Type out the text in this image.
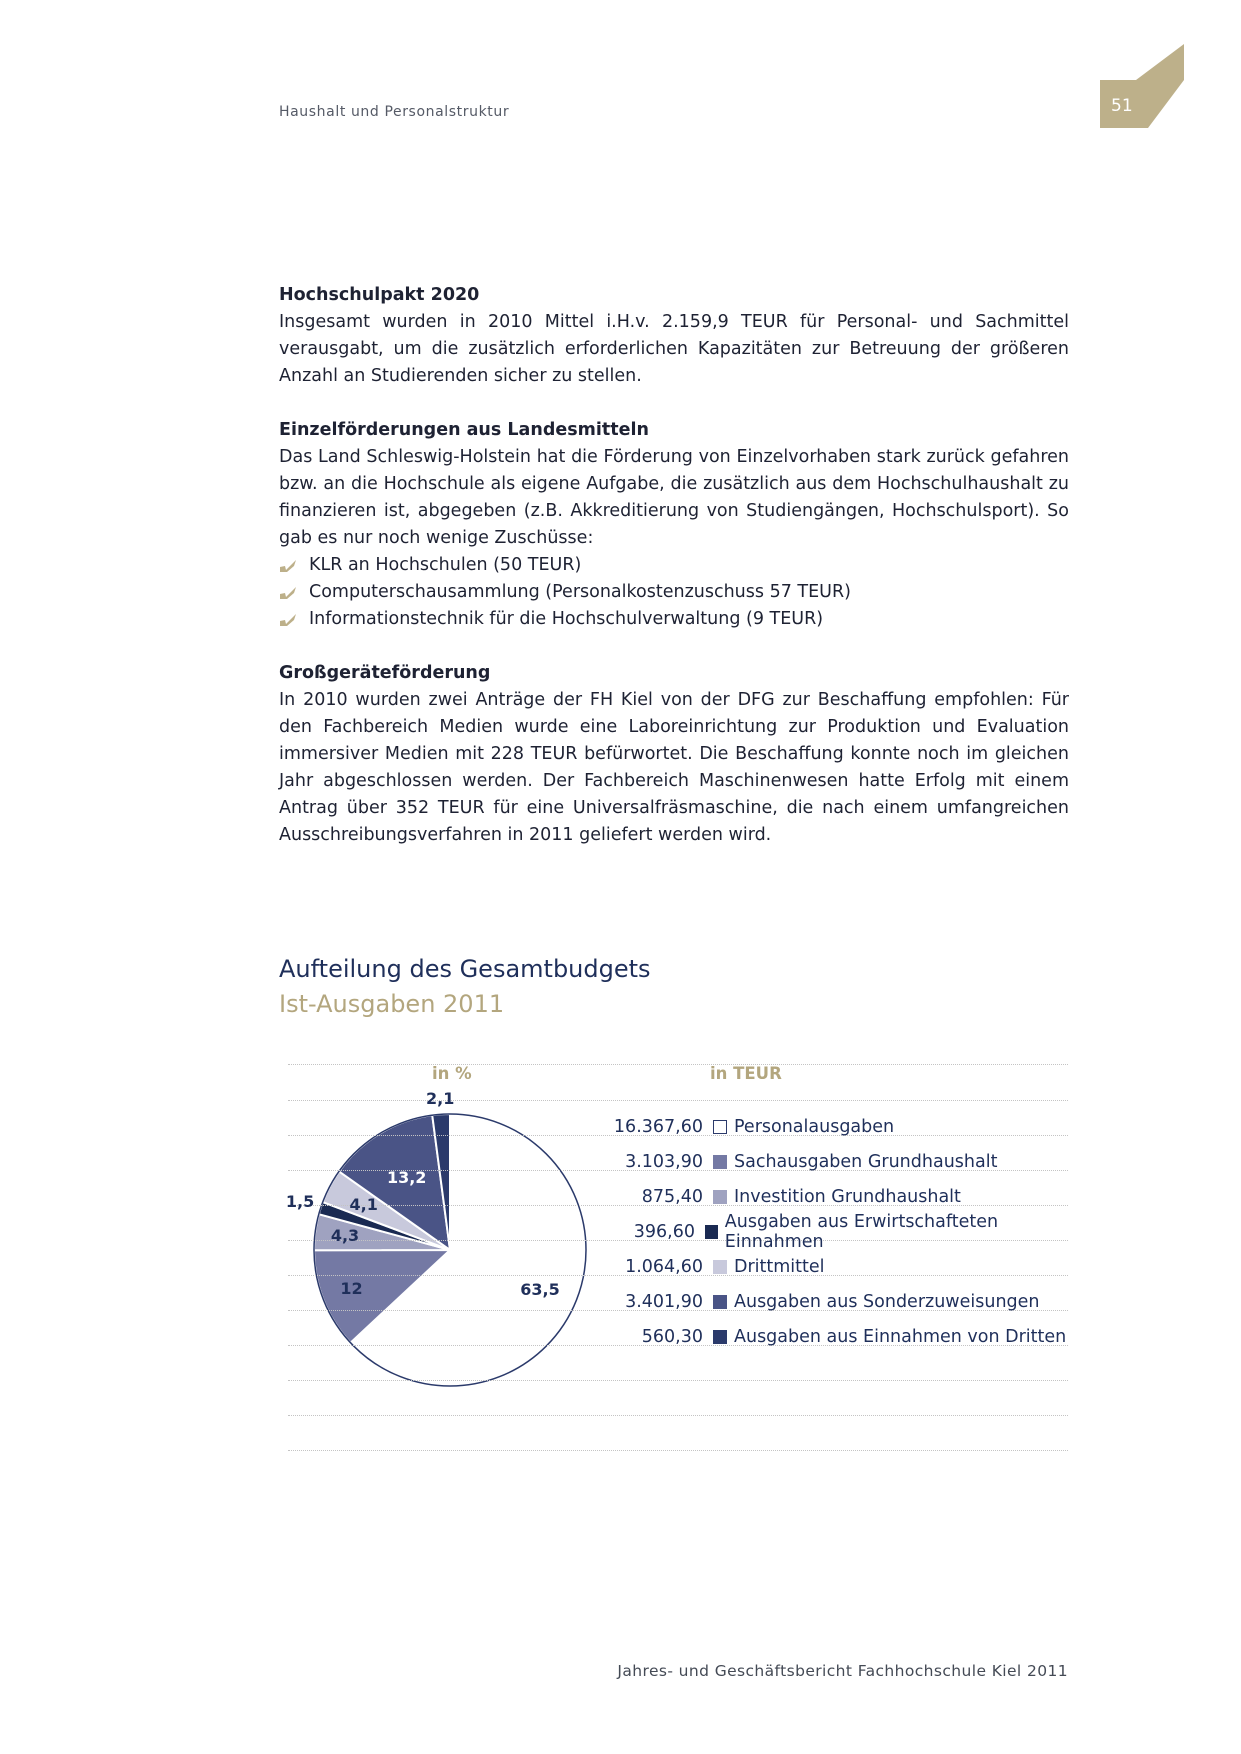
Haushalt und Personalstruktur	51
Hochschulpakt 2020
Insgesamt wurden in 2010 Mittel i.H.v. 2.159,9 TEUR für Personal- und Sachmittel verausgabt, um die zusätzlich erforderlichen Kapazitäten zur Betreuung der größeren Anzahl an Studierenden sicher zu stellen.
Einzelförderungen aus Landesmitteln
Das Land Schleswig-Holstein hat die Förderung von Einzelvorhaben stark zurück gefahren bzw. an die Hochschule als eigene Aufgabe, die zusätzlich aus dem Hochschulhaushalt zu finanzieren ist, abgegeben (z.B. Akkreditierung von Studiengängen, Hochschulsport). So gab es nur noch wenige Zuschüsse:
KLR an Hochschulen (50 TEUR)
Computerschausammlung (Personalkostenzuschuss 57 TEUR)
Informationstechnik für die Hochschulverwaltung (9 TEUR)
Großgeräteförderung
In 2010 wurden zwei Anträge der FH Kiel von der DFG zur Beschaffung empfohlen: Für den Fachbereich Medien wurde eine Laboreinrichtung zur Produktion und Evaluation immersiver Medien mit 228 TEUR befürwortet. Die Beschaffung konnte noch im gleichen Jahr abgeschlossen werden. Der Fachbereich Maschinenwesen hatte Erfolg mit einem Antrag über 352 TEUR für eine Universalfräsmaschine, die nach einem umfangreichen Ausschreibungsverfahren in 2011 geliefert werden wird.
Aufteilung des Gesamtbudgets
Ist-Ausgaben 2011
in %	in TEUR
63,5
12
4,3
1,5 4,1
13,2
2,1
16.367,60 Personalausgaben
3.103,90 Sachausgaben Grundhaushalt
875,40 Investition Grundhaushalt
396,60 Ausgaben aus Erwirtschafteten Einnahmen
1.064,60 Drittmittel
3.401,90 Ausgaben aus Sonderzuweisungen
560,30 Ausgaben aus Einnahmen von Dritten
Jahres- und Geschäftsbericht Fachhochschule Kiel 2011
